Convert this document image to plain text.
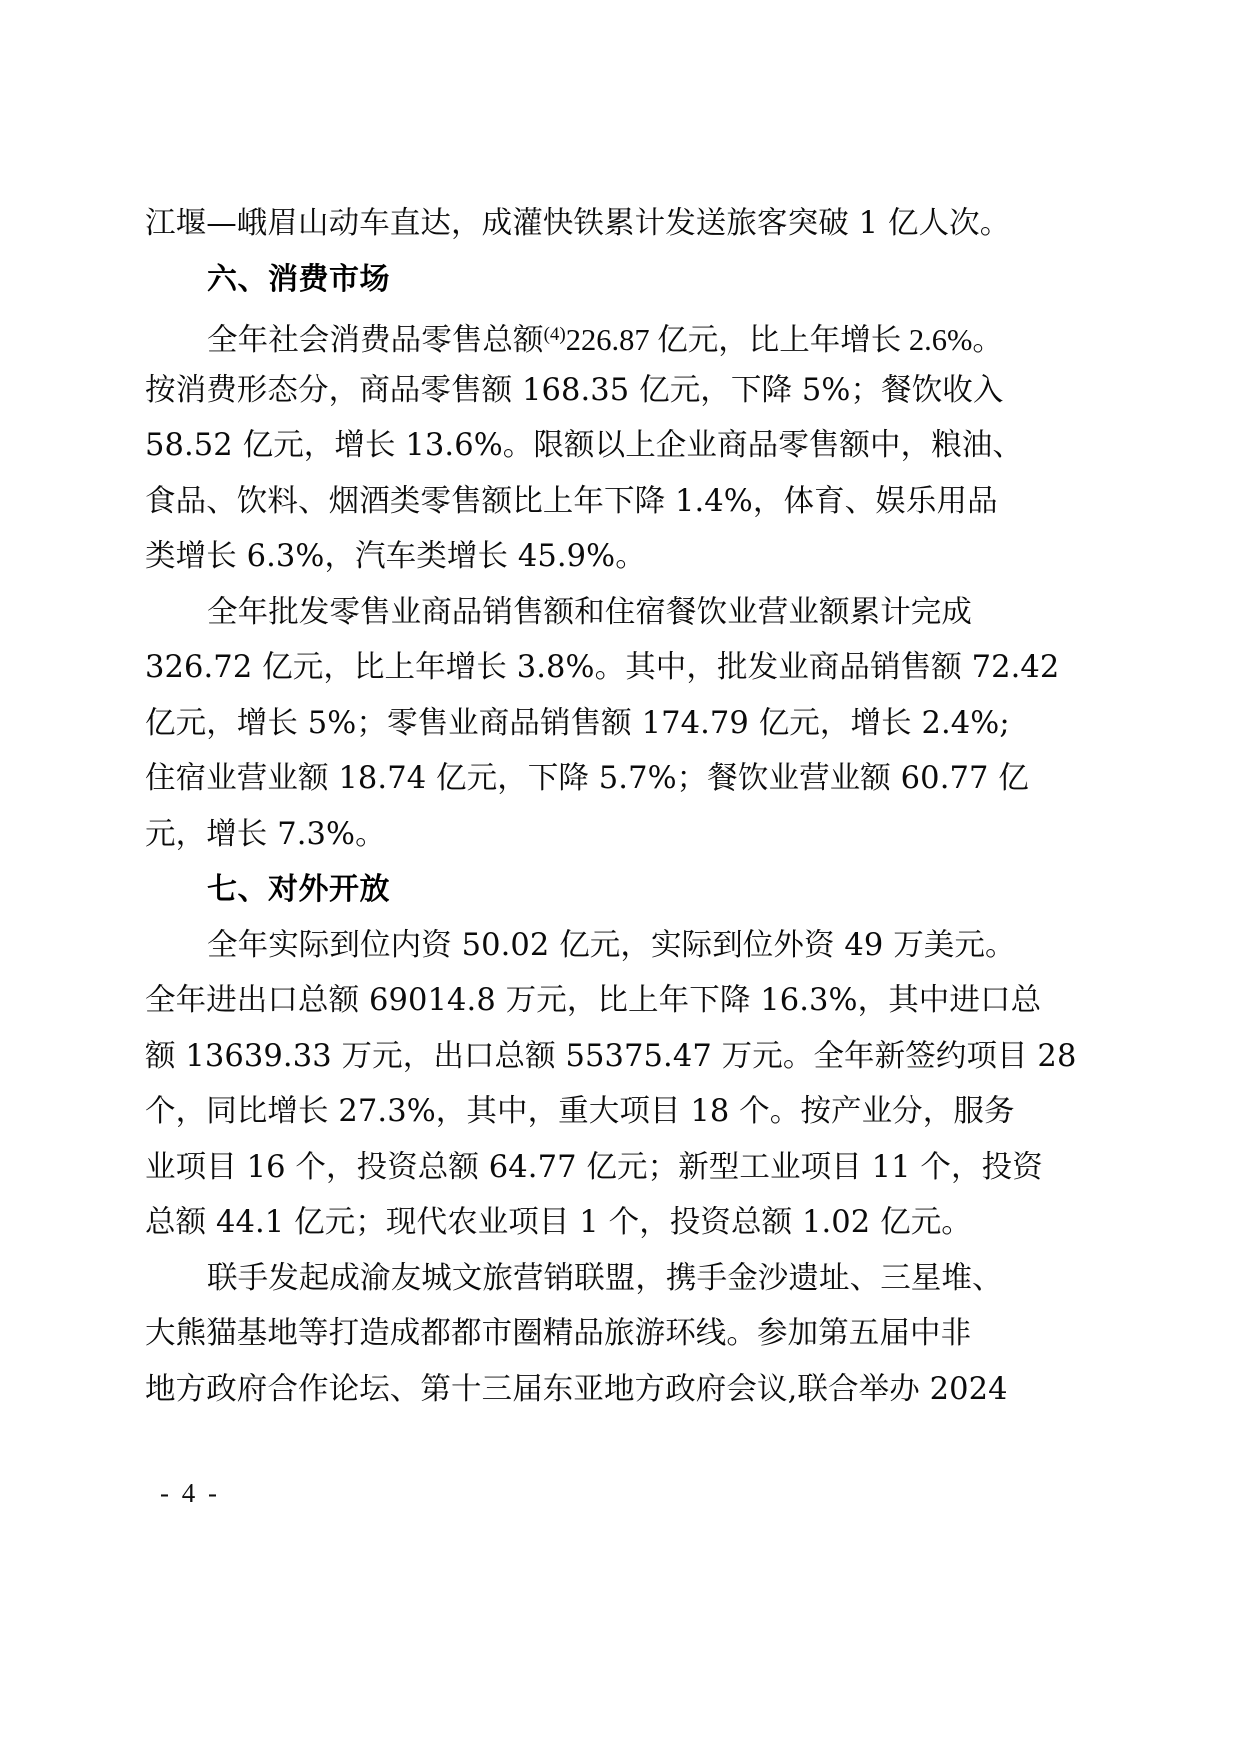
江堰—峨眉山动车直达，成灌快铁累计发送旅客突破 1 亿人次。

六、消费市场

全年社会消费品零售总额$^{(4)}$226.87 亿元，比上年增长 2.6%。
按消费形态分，商品零售额 168.35 亿元，下降 5%；餐饮收入
58.52 亿元，增长 13.6%。限额以上企业商品零售额中，粮油、
食品、饮料、烟酒类零售额比上年下降 1.4%，体育、娱乐用品
类增长 6.3%，汽车类增长 45.9%。

全年批发零售业商品销售额和住宿餐饮业营业额累计完成
326.72 亿元，比上年增长 3.8%。其中，批发业商品销售额 72.42
亿元，增长 5%；零售业商品销售额 174.79 亿元，增长 2.4%;
住宿业营业额 18.74 亿元，下降 5.7%；餐饮业营业额 60.77 亿
元，增长 7.3%。

七、对外开放

全年实际到位内资 50.02 亿元，实际到位外资 49 万美元。
全年进出口总额 69014.8 万元，比上年下降 16.3%，其中进口总
额 13639.33 万元，出口总额 55375.47 万元。全年新签约项目 28
个，同比增长 27.3%，其中，重大项目 18 个。按产业分，服务
业项目 16 个，投资总额 64.77 亿元；新型工业项目 11 个，投资
总额 44.1 亿元；现代农业项目 1 个，投资总额 1.02 亿元。

联手发起成渝友城文旅营销联盟，携手金沙遗址、三星堆、
大熊猫基地等打造成都都市圈精品旅游环线。参加第五届中非
地方政府合作论坛、第十三届东亚地方政府会议,联合举办 2024

- 4 -
